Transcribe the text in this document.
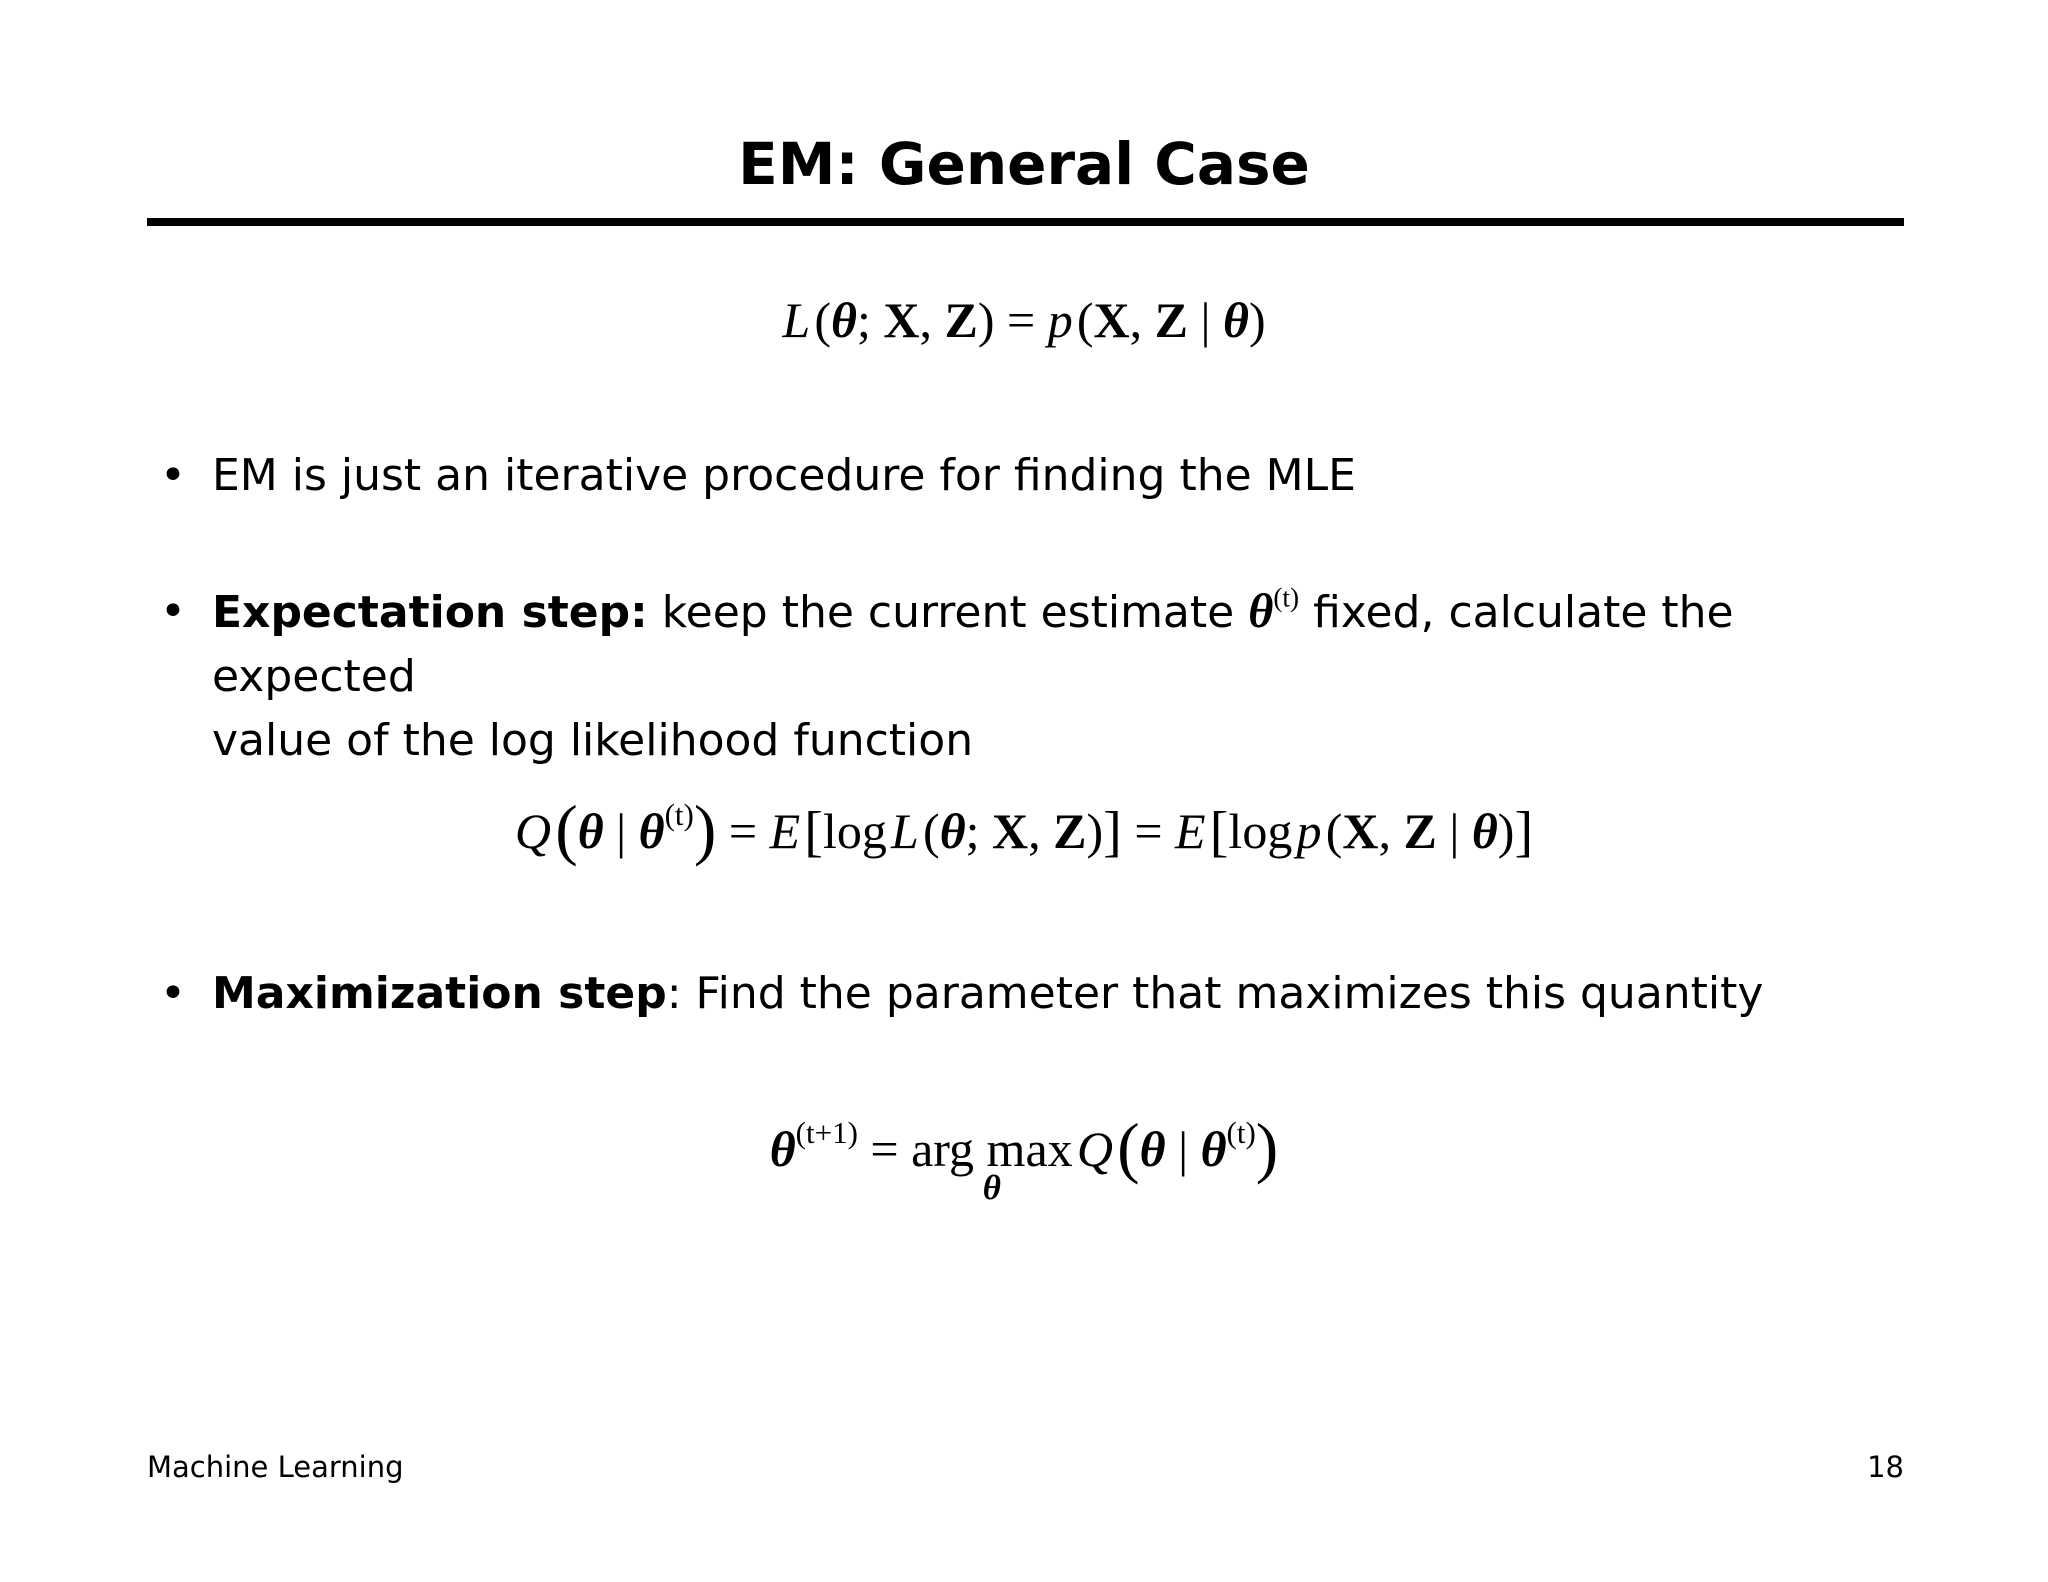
EM: General Case
L (θ; X, Z) = p (X, Z | θ)
• EM is just an iterative procedure for finding the MLE
• Expectation step: keep the current estimate $\theta^{(t)}$ fixed, calculate the expected
value of the log likelihood function
Q (θ | $\theta^{(t)}) = E$ [log L (θ; X, Z)] = E [log p (X, Z | θ)]
• Maximization step: Find the parameter that maximizes this quantity
$\theta^{(t+1)}$ = arg max
θ
 Q (θ | $\theta^{(t)}$)
Machine Learning	18
